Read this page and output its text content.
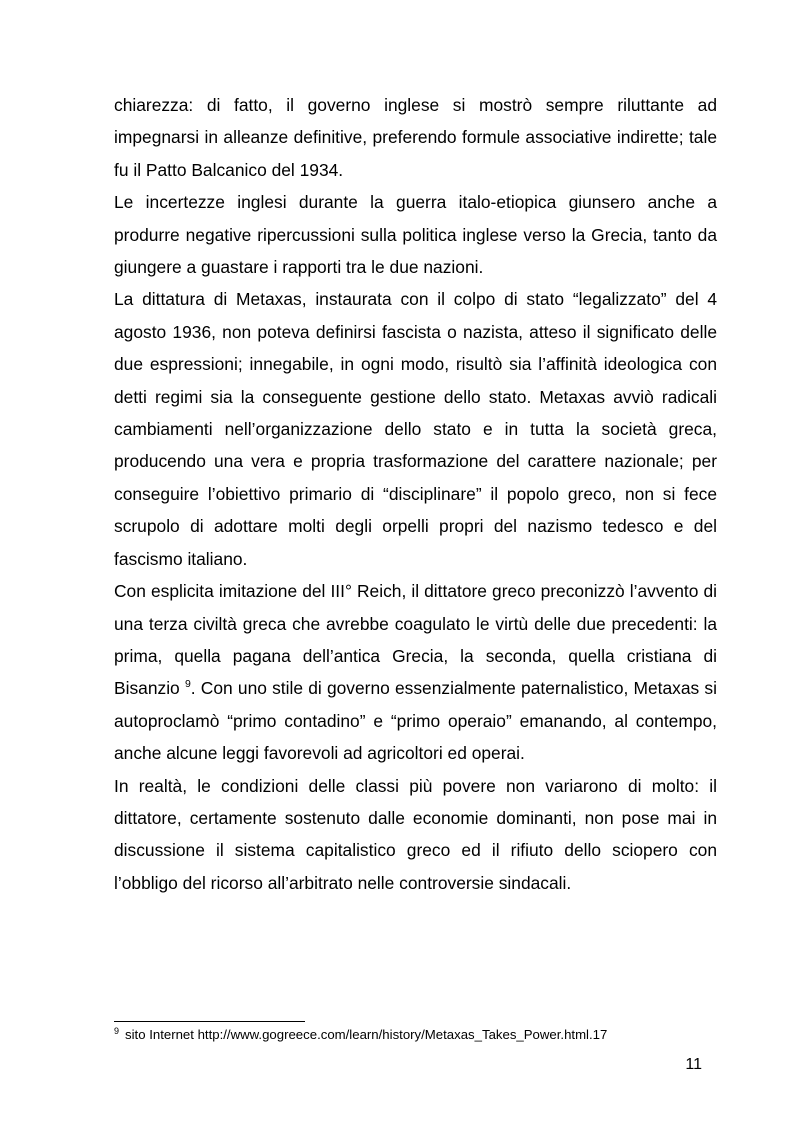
chiarezza: di fatto, il governo inglese si mostrò sempre riluttante ad impegnarsi in alleanze definitive, preferendo formule associative indirette; tale fu il Patto Balcanico del 1934.

Le incertezze inglesi durante la guerra italo-etiopica giunsero anche a produrre negative ripercussioni sulla politica inglese verso la Grecia, tanto da giungere a guastare i rapporti tra le due nazioni.

La dittatura di Metaxas, instaurata con il colpo di stato “legalizzato” del 4 agosto 1936, non poteva definirsi fascista o nazista, atteso il significato delle due espressioni; innegabile, in ogni modo, risultò sia l’affinità ideologica con detti regimi sia la conseguente gestione dello stato. Metaxas avviò radicali cambiamenti nell’organizzazione dello stato e in tutta la società greca, producendo una vera e propria trasformazione del carattere nazionale; per conseguire l’obiettivo primario di “disciplinare” il popolo greco, non si fece scrupolo di adottare molti degli orpelli propri del nazismo tedesco e del fascismo italiano.

Con esplicita imitazione del III° Reich, il dittatore greco preconizzò l’avvento di una terza civiltà greca che avrebbe coagulato le virtù delle due precedenti: la prima, quella pagana dell’antica Grecia, la seconda, quella cristiana di Bisanzio $^9$. Con uno stile di governo essenzialmente paternalistico, Metaxas si autoproclamò “primo contadino” e “primo operaio” emanando, al contempo, anche alcune leggi favorevoli ad agricoltori ed operai.

In realtà, le condizioni delle classi più povere non variarono di molto: il dittatore, certamente sostenuto dalle economie dominanti, non pose mai in discussione il sistema capitalistico greco ed il rifiuto dello sciopero con l’obbligo del ricorso all’arbitrato nelle controversie sindacali.

$^9$ sito Internet http://www.gogreece.com/learn/history/Metaxas_Takes_Power.html.17
11
